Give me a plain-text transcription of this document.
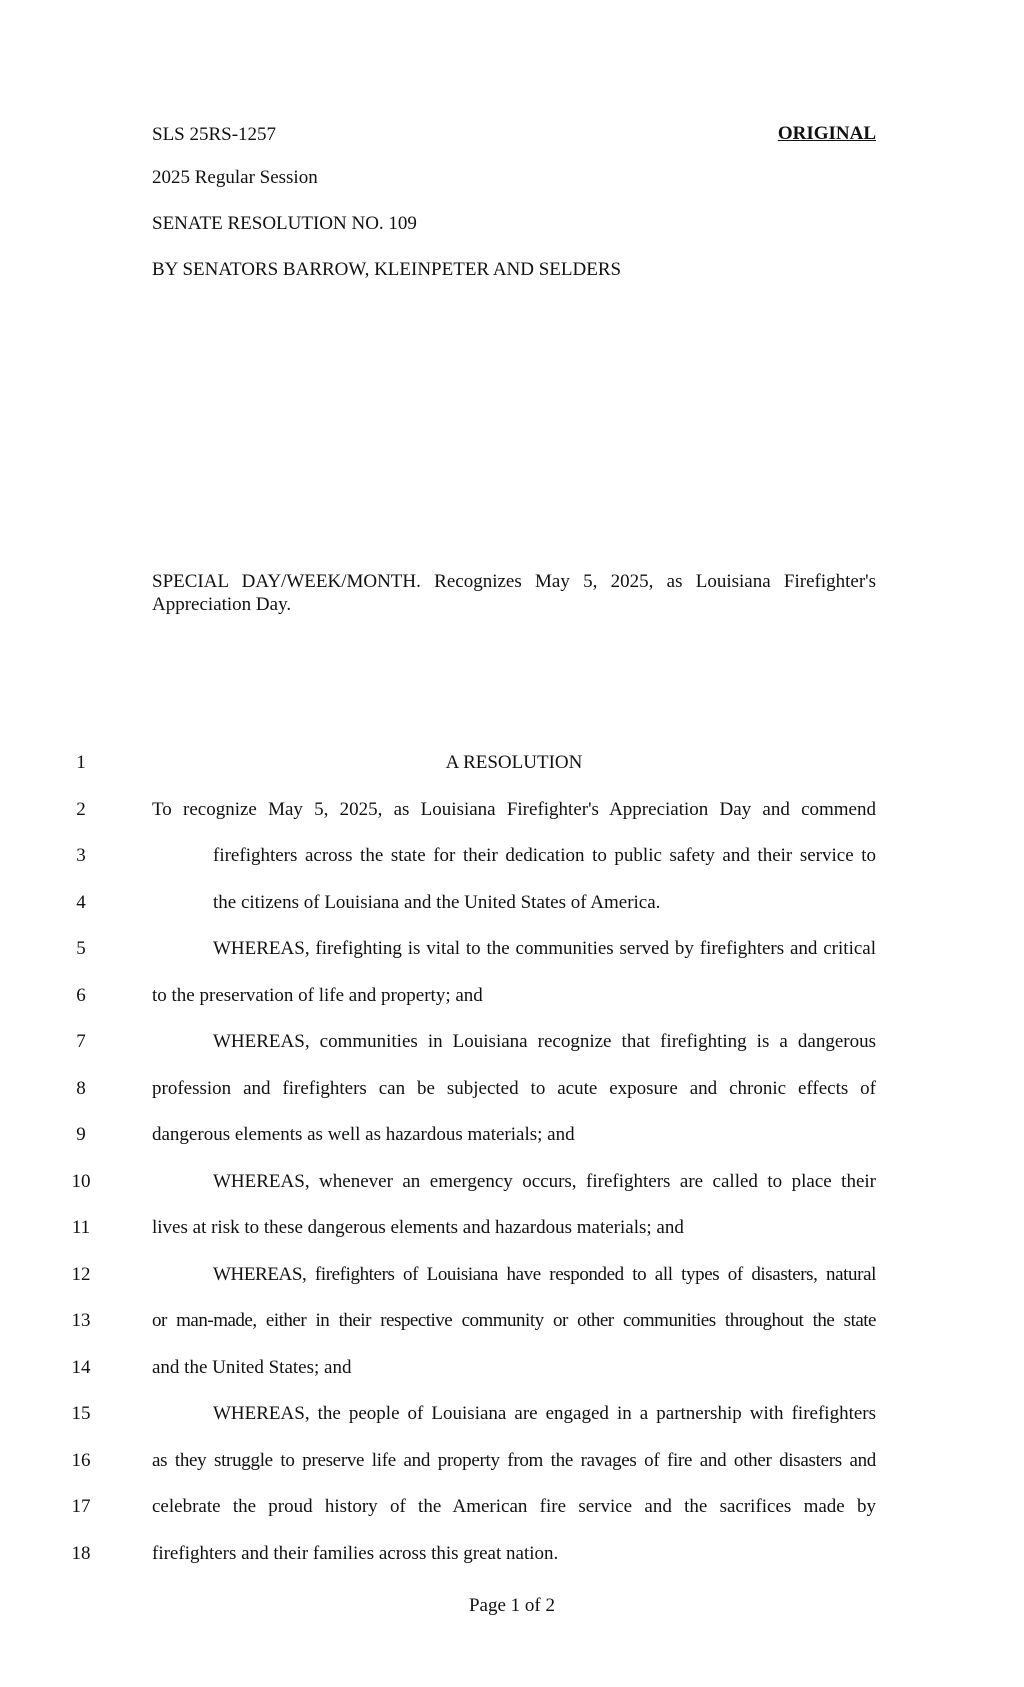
SLS 25RS-1257	ORIGINAL
2025 Regular Session
SENATE RESOLUTION NO. 109
BY SENATORS BARROW, KLEINPETER AND SELDERS
SPECIAL DAY/WEEK/MONTH. Recognizes May 5, 2025, as Louisiana Firefighter's Appreciation Day.
1	A RESOLUTION
2	To recognize May 5, 2025, as Louisiana Firefighter's Appreciation Day and commend
3	firefighters across the state for their dedication to public safety and their service to
4	the citizens of Louisiana and the United States of America.
5	WHEREAS, firefighting is vital to the communities served by firefighters and critical
6	to the preservation of life and property; and
7	WHEREAS, communities in Louisiana recognize that firefighting is a dangerous
8	profession and firefighters can be subjected to acute exposure and chronic effects of
9	dangerous elements as well as hazardous materials; and
10	WHEREAS, whenever an emergency occurs, firefighters are called to place their
11	lives at risk to these dangerous elements and hazardous materials; and
12	WHEREAS, firefighters of Louisiana have responded to all types of disasters, natural
13	or man-made, either in their respective community or other communities throughout the state
14	and the United States; and
15	WHEREAS, the people of Louisiana are engaged in a partnership with firefighters
16	as they struggle to preserve life and property from the ravages of fire and other disasters and
17	celebrate the proud history of the American fire service and the sacrifices made by
18	firefighters and their families across this great nation.
Page 1 of 2
